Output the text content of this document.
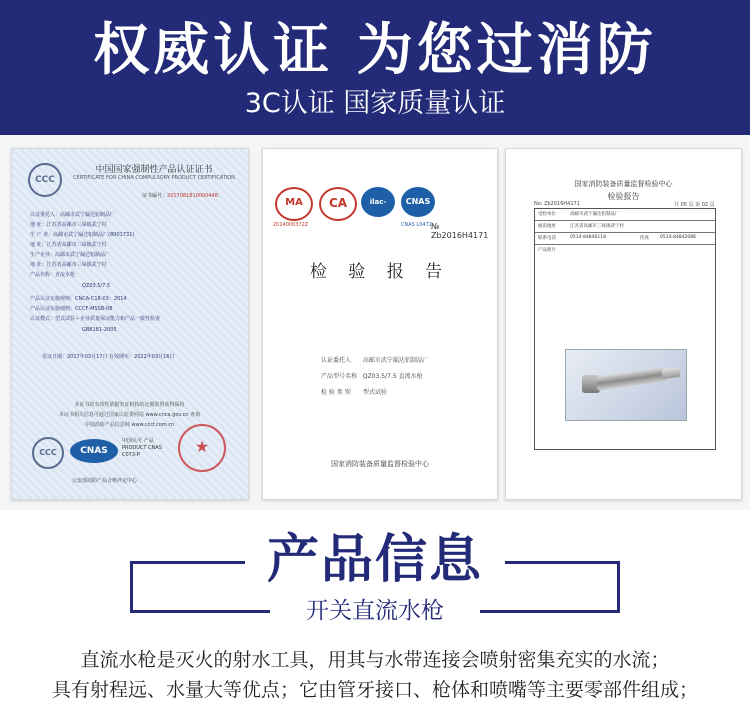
权威认证 为您过消防
3C认证 国家质量认证
CCC
中国国家强制性产品认证证书
CERTIFICATE FOR CHINA COMPULSORY PRODUCT CERTIFICATION
证书编号：2017081810000448
认证委托人：高邮市武宁漏达铝制品厂
地 址：江苏省高邮市三垛镇武宁村
生 产 者：高邮市武宁漏达铝制品厂(8001731)
地 址：江苏省高邮市三垛镇武宁村
生产企业：高邮市武宁漏达铝制品厂
地 址：江苏省高邮市三垛镇武宁村
产品名称：直流水枪
QZ03.5/7.5
产品认证实施规则：CNCA-C18-03：2014
产品认证实施细则：CCCF-MSSB-08
认证模式：型式试验＋企业质量保证能力和产品一致性检查
GB8181-2005
发证日期：2017年03月17日 有效期至：2022年03月16日
本证书的有效性依据发证机构的定期监督获得保持
本证书相关信息可通过国家认监委网站 www.cnca.gov.cn 查询
中国消防产品信息网 www.cccf.com.cn
CCC	CNAS
中国认可 产品 PRODUCT CNAS C073-P
★
公安部消防产品合格评定中心
MA	CA	ilac-MRA
CNAS
2014000372Z	CNAS L0472 № Zb2016H4171
检 验 报 告
认证委托人 高邮市武宁漏达铝制品厂
产品型号名称 QZ03.5/7.5 直流水枪
检 验 类 别 型式试验
国家消防装备质量监督检验中心
国家消防装备质量监督检验中心
检验报告
No: Zb2016H4171	共 05 页 第 02 页
受检单位	高邮市武宁漏达铝制品厂
通讯地址	江苏省高邮市三垛镇武宁村
联系电话	0514-84846118	传真 0514-84842086
产品照片
产品信息
开关直流水枪
直流水枪是灭火的射水工具，用其与水带连接会喷射密集充实的水流；
具有射程远、水量大等优点；它由管牙接口、枪体和喷嘴等主要零部件组成；
